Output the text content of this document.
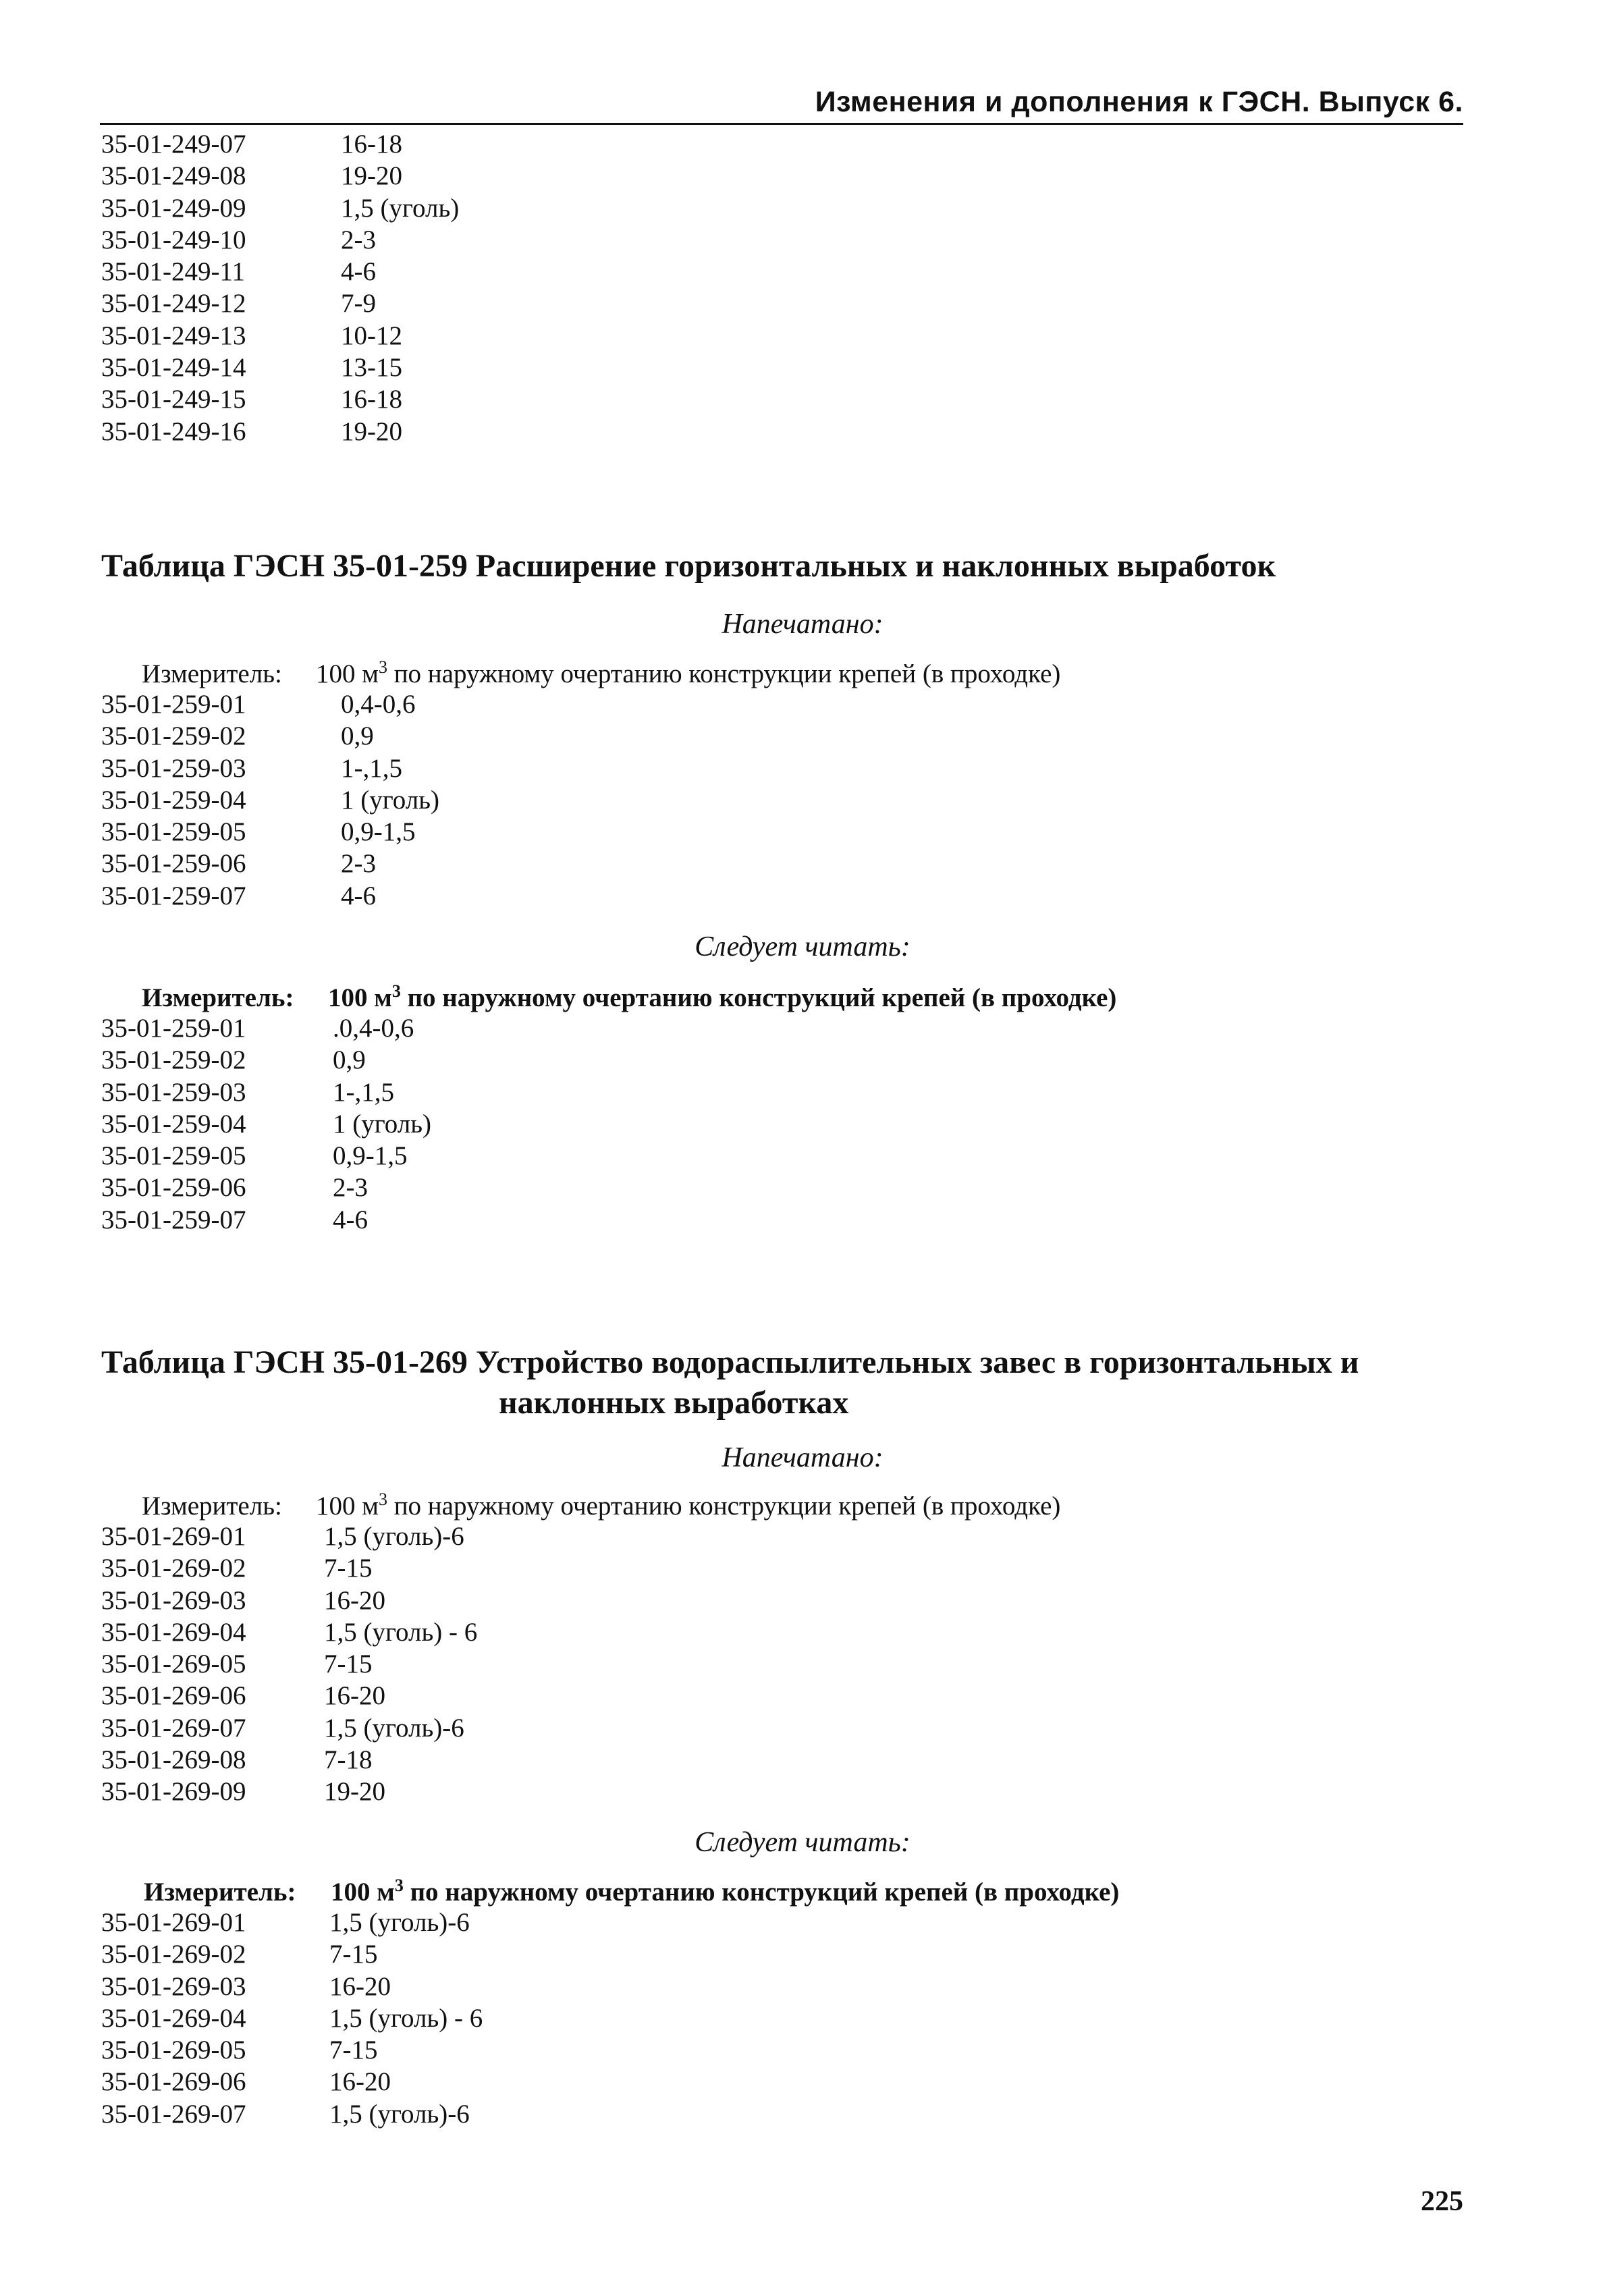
Изменения и дополнения к ГЭСН. Выпуск 6.
35-01-249-07	16-18
35-01-249-08	19-20
35-01-249-09	1,5 (уголь)
35-01-249-10	2-3
35-01-249-11	4-6
35-01-249-12	7-9
35-01-249-13	10-12
35-01-249-14	13-15
35-01-249-15	16-18
35-01-249-16	19-20
Таблица ГЭСН 35-01-259 Расширение горизонтальных и наклонных выработок
Напечатано:
Измеритель: 100 $м^3$ по наружному очертанию конструкции крепей (в проходке)
35-01-259-01	0,4-0,6
35-01-259-02	0,9
35-01-259-03	1-,1,5
35-01-259-04	1 (уголь)
35-01-259-05	0,9-1,5
35-01-259-06	2-3
35-01-259-07	4-6
Следует читать:
Измеритель: 100 $м^3$ по наружному очертанию конструкций крепей (в проходке)
35-01-259-01	.0,4-0,6
35-01-259-02	0,9
35-01-259-03	1-,1,5
35-01-259-04	1 (уголь)
35-01-259-05	0,9-1,5
35-01-259-06	2-3
35-01-259-07	4-6
Таблица ГЭСН 35-01-269 Устройство водораспылительных завес в горизонтальных и
наклонных выработках
Напечатано:
Измеритель: 100 $м^3$ по наружному очертанию конструкции крепей (в проходке)
35-01-269-01	1,5 (уголь)-6
35-01-269-02	7-15
35-01-269-03	16-20
35-01-269-04	1,5 (уголь) - 6
35-01-269-05	7-15
35-01-269-06	16-20
35-01-269-07	1,5 (уголь)-6
35-01-269-08	7-18
35-01-269-09	19-20
Следует читать:
Измеритель: 100 $м^3$ по наружному очертанию конструкций крепей (в проходке)
35-01-269-01	1,5 (уголь)-6
35-01-269-02	7-15
35-01-269-03	16-20
35-01-269-04	1,5 (уголь) - 6
35-01-269-05	7-15
35-01-269-06	16-20
35-01-269-07	1,5 (уголь)-6
225
